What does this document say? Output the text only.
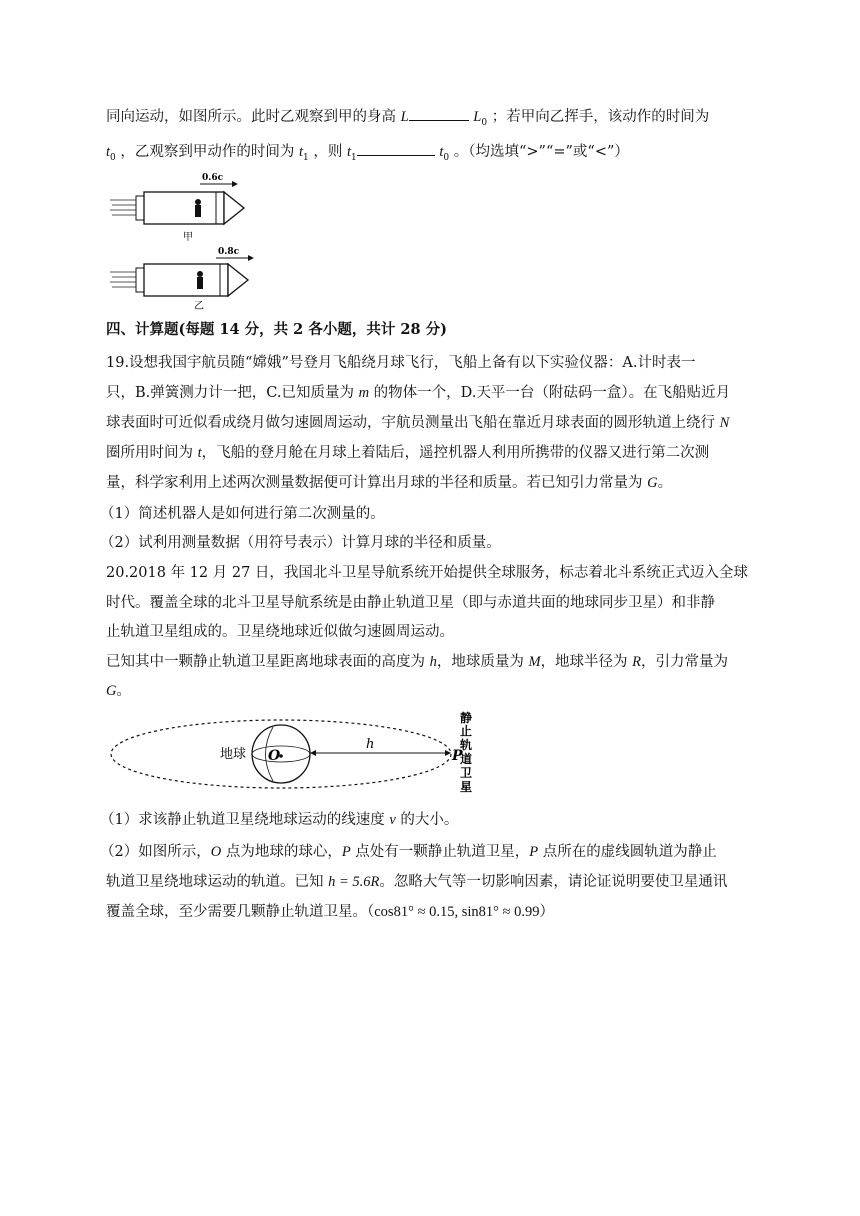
同向运动，如图所示。此时乙观察到甲的身高 L	$L_0$ ；若甲向乙挥手，该动作的时间为
$t_0$ ，乙观察到甲动作的时间为 $t_1$ ，则 $t_1$	$t_0$ 。（均选填“>”“=”或“<”）
0.6c
甲
0.8c
乙
四、计算题(每题 14 分，共 2 各小题，共计 28 分)
19.设想我国宇航员随“嫦娥”号登月飞船绕月球飞行，飞船上备有以下实验仪器：A.计时表一
只，B.弹簧测力计一把，C.已知质量为 m 的物体一个，D.天平一台（附砝码一盒）。在飞船贴近月
球表面时可近似看成绕月做匀速圆周运动，宇航员测量出飞船在靠近月球表面的圆形轨道上绕行 N
圈所用时间为 t，飞船的登月舱在月球上着陆后，遥控机器人利用所携带的仪器又进行第二次测
量，科学家利用上述两次测量数据便可计算出月球的半径和质量。若已知引力常量为 G。
（1）简述机器人是如何进行第二次测量的。
（2）试利用测量数据（用符号表示）计算月球的半径和质量。
20.2018 年 12 月 27 日，我国北斗卫星导航系统开始提供全球服务，标志着北斗系统正式迈入全球
时代。覆盖全球的北斗卫星导航系统是由静止轨道卫星（即与赤道共面的地球同步卫星）和非静
止轨道卫星组成的。卫星绕地球近似做匀速圆周运动。
已知其中一颗静止轨道卫星距离地球表面的高度为 h，地球质量为 M，地球半径为 R，引力常量为
G。
地球 O
h
P
静
止
轨
道
卫
星
（1）求该静止轨道卫星绕地球运动的线速度 v 的大小。
（2）如图所示，O 点为地球的球心，P 点处有一颗静止轨道卫星，P 点所在的虚线圆轨道为静止
轨道卫星绕地球运动的轨道。已知 h = 5.6R。忽略大气等一切影响因素，请论证说明要使卫星通讯
覆盖全球，至少需要几颗静止轨道卫星。（cos81° ≈ 0.15, sin81° ≈ 0.99）
